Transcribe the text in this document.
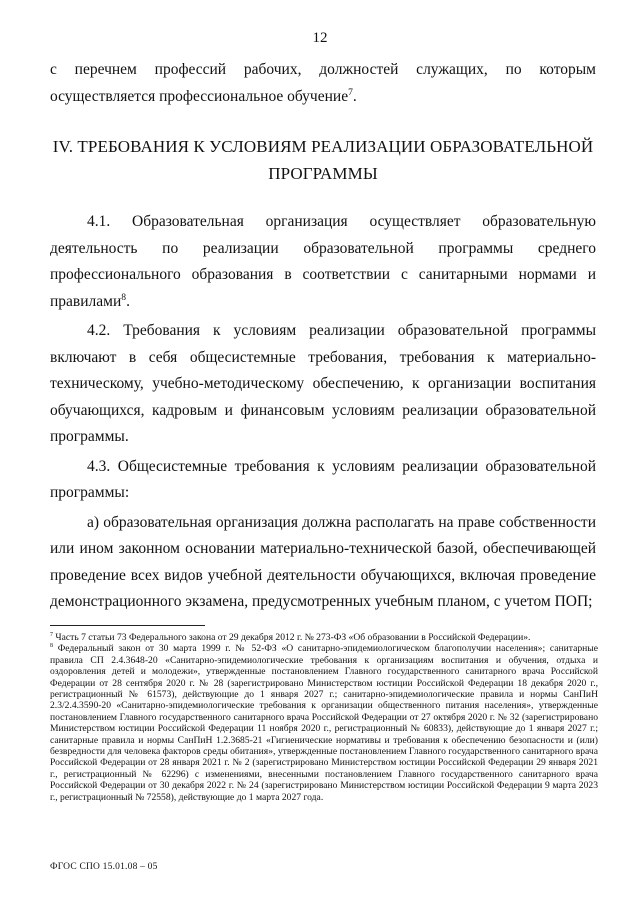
12

с перечнем профессий рабочих, должностей служащих, по которым осуществляется профессиональное обучение$^7$.

IV. ТРЕБОВАНИЯ К УСЛОВИЯМ РЕАЛИЗАЦИИ ОБРАЗОВАТЕЛЬНОЙ ПРОГРАММЫ

4.1. Образовательная организация осуществляет образовательную деятельность по реализации образовательной программы среднего профессионального образования в соответствии с санитарными нормами и правилами$^8$.

4.2. Требования к условиям реализации образовательной программы включают в себя общесистемные требования, требования к материально-техническому, учебно-методическому обеспечению, к организации воспитания обучающихся, кадровым и финансовым условиям реализации образовательной программы.

4.3. Общесистемные требования к условиям реализации образовательной программы:

а) образовательная организация должна располагать на праве собственности или ином законном основании материально-технической базой, обеспечивающей проведение всех видов учебной деятельности обучающихся, включая проведение демонстрационного экзамена, предусмотренных учебным планом, с учетом ПОП;

$^7$ Часть 7 статьи 73 Федерального закона от 29 декабря 2012 г. № 273-ФЗ «Об образовании в Российской Федерации».

$^8$ Федеральный закон от 30 марта 1999 г. № 52-ФЗ «О санитарно-эпидемиологическом благополучии населения»; санитарные правила СП 2.4.3648-20 «Санитарно-эпидемиологические требования к организациям воспитания и обучения, отдыха и оздоровления детей и молодежи», утвержденные постановлением Главного государственного санитарного врача Российской Федерации от 28 сентября 2020 г. № 28 (зарегистрировано Министерством юстиции Российской Федерации 18 декабря 2020 г., регистрационный № 61573), действующие до 1 января 2027 г.; санитарно-эпидемиологические правила и нормы СанПиН 2.3/2.4.3590-20 «Санитарно-эпидемиологические требования к организации общественного питания населения», утвержденные постановлением Главного государственного санитарного врача Российской Федерации от 27 октября 2020 г. № 32 (зарегистрировано Министерством юстиции Российской Федерации 11 ноября 2020 г., регистрационный № 60833), действующие до 1 января 2027 г.; санитарные правила и нормы СанПиН 1.2.3685-21 «Гигиенические нормативы и требования к обеспечению безопасности и (или) безвредности для человека факторов среды обитания», утвержденные постановлением Главного государственного санитарного врача Российской Федерации от 28 января 2021 г. № 2 (зарегистрировано Министерством юстиции Российской Федерации 29 января 2021 г., регистрационный № 62296) с изменениями, внесенными постановлением Главного государственного санитарного врача Российской Федерации от 30 декабря 2022 г. № 24 (зарегистрировано Министерством юстиции Российской Федерации 9 марта 2023 г., регистрационный № 72558), действующие до 1 марта 2027 года.

ФГОС СПО 15.01.08 – 05
